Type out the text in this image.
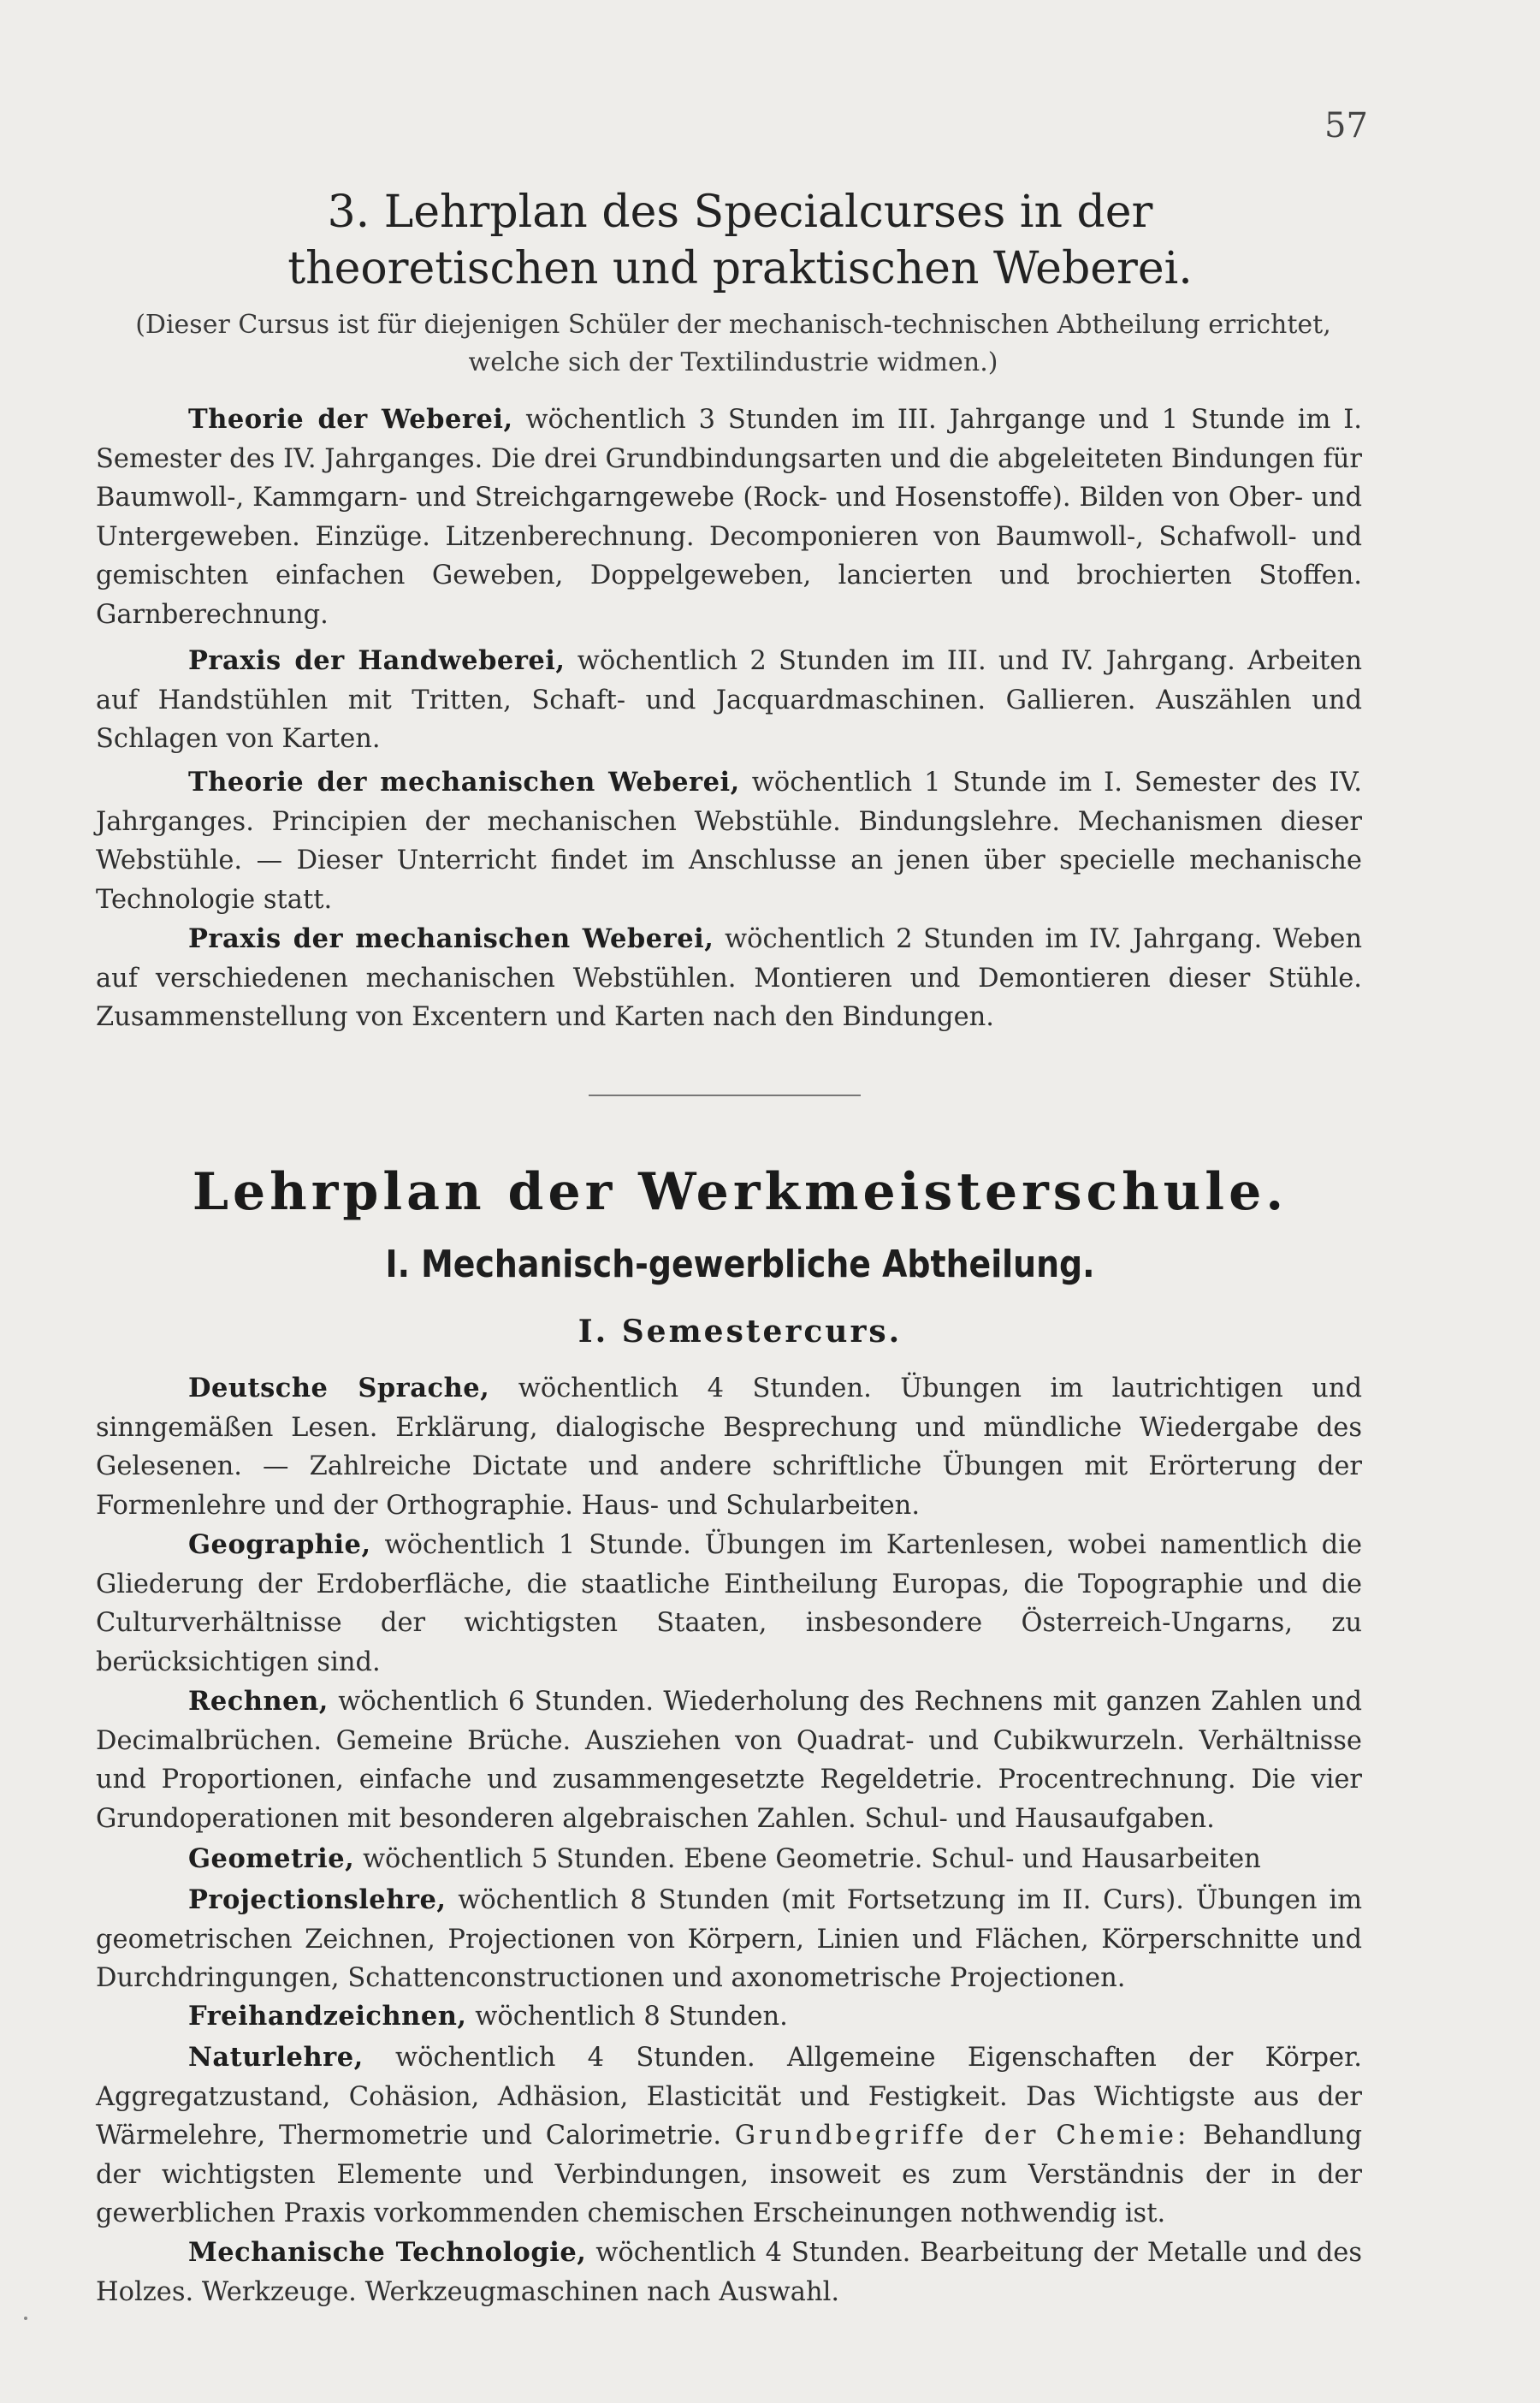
57
3. Lehrplan des Specialcurses in der theoretischen und praktischen Weberei.
(Dieser Cursus ist für diejenigen Schüler der mechanisch-technischen Abtheilung errichtet, welche sich der Textilindustrie widmen.)

Theorie der Weberei, wöchentlich 3 Stunden im III. Jahrgange und 1 Stunde im I. Semester des IV. Jahrganges. Die drei Grundbindungsarten und die abgeleiteten Bindungen für Baumwoll-, Kammgarn- und Streichgarngewebe (Rock- und Hosenstoffe). Bilden von Ober- und Untergeweben. Einzüge. Litzenberechnung. Decomponieren von Baumwoll-, Schafwoll- und gemischten einfachen Geweben, Doppelgeweben, lancierten und brochierten Stoffen. Garnberechnung.

Praxis der Handweberei, wöchentlich 2 Stunden im III. und IV. Jahrgang. Arbeiten auf Handstühlen mit Tritten, Schaft- und Jacquardmaschinen. Gallieren. Auszählen und Schlagen von Karten.

Theorie der mechanischen Weberei, wöchentlich 1 Stunde im I. Semester des IV. Jahrganges. Principien der mechanischen Webstühle. Bindungslehre. Mechanismen dieser Webstühle. — Dieser Unterricht findet im Anschlusse an jenen über specielle mechanische Technologie statt.

Praxis der mechanischen Weberei, wöchentlich 2 Stunden im IV. Jahrgang. Weben auf verschiedenen mechanischen Webstühlen. Montieren und Demontieren dieser Stühle. Zusammenstellung von Excentern und Karten nach den Bindungen.

Lehrplan der Werkmeisterschule.
I. Mechanisch-gewerbliche Abtheilung.
I. Semestercurs.

Deutsche Sprache, wöchentlich 4 Stunden. Übungen im lautrichtigen und sinngemäßen Lesen. Erklärung, dialogische Besprechung und mündliche Wiedergabe des Gelesenen. — Zahlreiche Dictate und andere schriftliche Übungen mit Erörterung der Formenlehre und der Orthographie. Haus- und Schularbeiten.

Geographie, wöchentlich 1 Stunde. Übungen im Kartenlesen, wobei namentlich die Gliederung der Erdoberfläche, die staatliche Eintheilung Europas, die Topographie und die Culturverhältnisse der wichtigsten Staaten, insbesondere Österreich-Ungarns, zu berücksichtigen sind.

Rechnen, wöchentlich 6 Stunden. Wiederholung des Rechnens mit ganzen Zahlen und Decimalbrüchen. Gemeine Brüche. Ausziehen von Quadrat- und Cubikwurzeln. Verhältnisse und Proportionen, einfache und zusammengesetzte Regeldetrie. Procentrechnung. Die vier Grundoperationen mit besonderen algebraischen Zahlen. Schul- und Hausaufgaben.

Geometrie, wöchentlich 5 Stunden. Ebene Geometrie. Schul- und Hausarbeiten

Projectionslehre, wöchentlich 8 Stunden (mit Fortsetzung im II. Curs). Übungen im geometrischen Zeichnen, Projectionen von Körpern, Linien und Flächen, Körperschnitte und Durchdringungen, Schattenconstructionen und axonometrische Projectionen.

Freihandzeichnen, wöchentlich 8 Stunden.

Naturlehre, wöchentlich 4 Stunden. Allgemeine Eigenschaften der Körper. Aggregatzustand, Cohäsion, Adhäsion, Elasticität und Festigkeit. Das Wichtigste aus der Wärmelehre, Thermometrie und Calorimetrie. Grundbegriffe der Chemie: Behandlung der wichtigsten Elemente und Verbindungen, insoweit es zum Verständnis der in der gewerblichen Praxis vorkommenden chemischen Erscheinungen nothwendig ist.

Mechanische Technologie, wöchentlich 4 Stunden. Bearbeitung der Metalle und des Holzes. Werkzeuge. Werkzeugmaschinen nach Auswahl.
